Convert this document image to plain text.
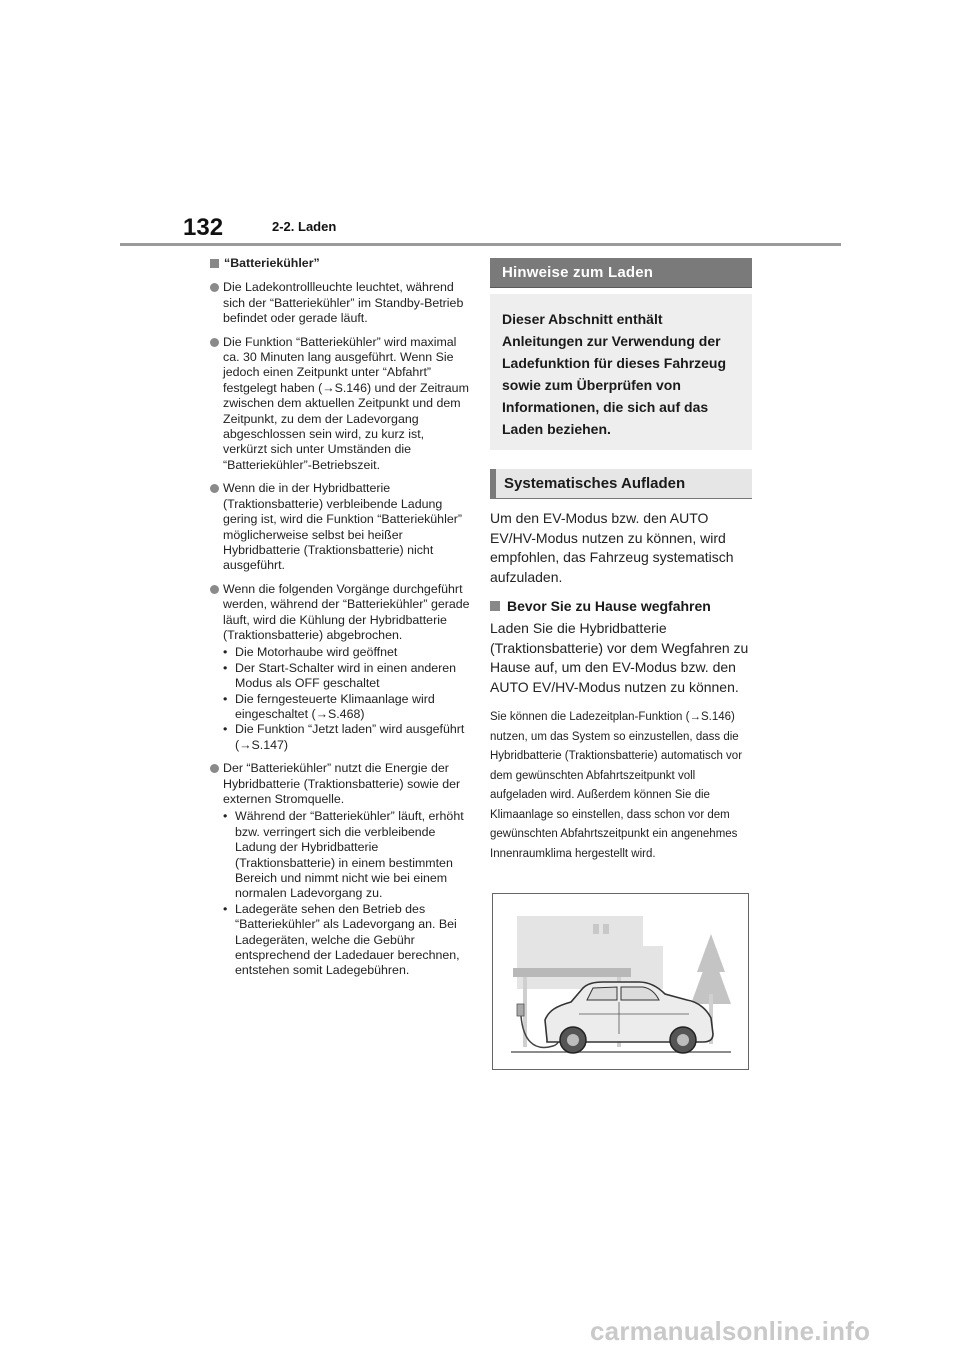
132	2-2. Laden

“Batteriekühler”

Die Ladekontrollleuchte leuchtet, während sich der “Batteriekühler” im Standby-Betrieb befindet oder gerade läuft.

Die Funktion “Batteriekühler” wird maximal ca. 30 Minuten lang ausgeführt. Wenn Sie jedoch einen Zeitpunkt unter “Abfahrt” festgelegt haben (→S.146) und der Zeitraum zwischen dem aktuellen Zeitpunkt und dem Zeitpunkt, zu dem der Ladevorgang abgeschlossen sein wird, zu kurz ist, verkürzt sich unter Umständen die “Batteriekühler”-Betriebszeit.

Wenn die in der Hybridbatterie (Traktionsbatterie) verbleibende Ladung gering ist, wird die Funktion “Batteriekühler” möglicherweise selbst bei heißer Hybridbatterie (Traktionsbatterie) nicht ausgeführt.

Wenn die folgenden Vorgänge durchgeführt werden, während der “Batteriekühler” gerade läuft, wird die Kühlung der Hybridbatterie (Traktionsbatterie) abgebrochen.

• Die Motorhaube wird geöffnet
• Der Start-Schalter wird in einen anderen Modus als OFF geschaltet
• Die ferngesteuerte Klimaanlage wird eingeschaltet (→S.468)
• Die Funktion “Jetzt laden” wird ausgeführt (→S.147)

Der “Batteriekühler” nutzt die Energie der Hybridbatterie (Traktionsbatterie) sowie der externen Stromquelle.

• Während der “Batteriekühler” läuft, erhöht bzw. verringert sich die verbleibende Ladung der Hybridbatterie (Traktionsbatterie) in einem bestimmten Bereich und nimmt nicht wie bei einem normalen Ladevorgang zu.
• Ladegeräte sehen den Betrieb des “Batteriekühler” als Ladevorgang an. Bei Ladegeräten, welche die Gebühr entsprechend der Ladedauer berechnen, entstehen somit Ladegebühren.
Hinweise zum Laden
Dieser Abschnitt enthält Anleitungen zur Verwendung der Ladefunktion für dieses Fahrzeug sowie zum Überprüfen von Informationen, die sich auf das Laden beziehen.
Systematisches Aufladen

Um den EV-Modus bzw. den AUTO EV/HV-Modus nutzen zu können, wird empfohlen, das Fahrzeug systematisch aufzuladen.

Bevor Sie zu Hause wegfahren

Laden Sie die Hybridbatterie (Traktionsbatterie) vor dem Wegfahren zu Hause auf, um den EV-Modus bzw. den AUTO EV/HV-Modus nutzen zu können.

Sie können die Ladezeitplan-Funktion (→S.146) nutzen, um das System so einzustellen, dass die Hybridbatterie (Traktionsbatterie) automatisch vor dem gewünschten Abfahrtszeitpunkt voll aufgeladen wird. Außerdem können Sie die Klimaanlage so einstellen, dass schon vor dem gewünschten Abfahrtszeitpunkt ein angenehmes Innenraumklima hergestellt wird.

carmanualsonline.info
